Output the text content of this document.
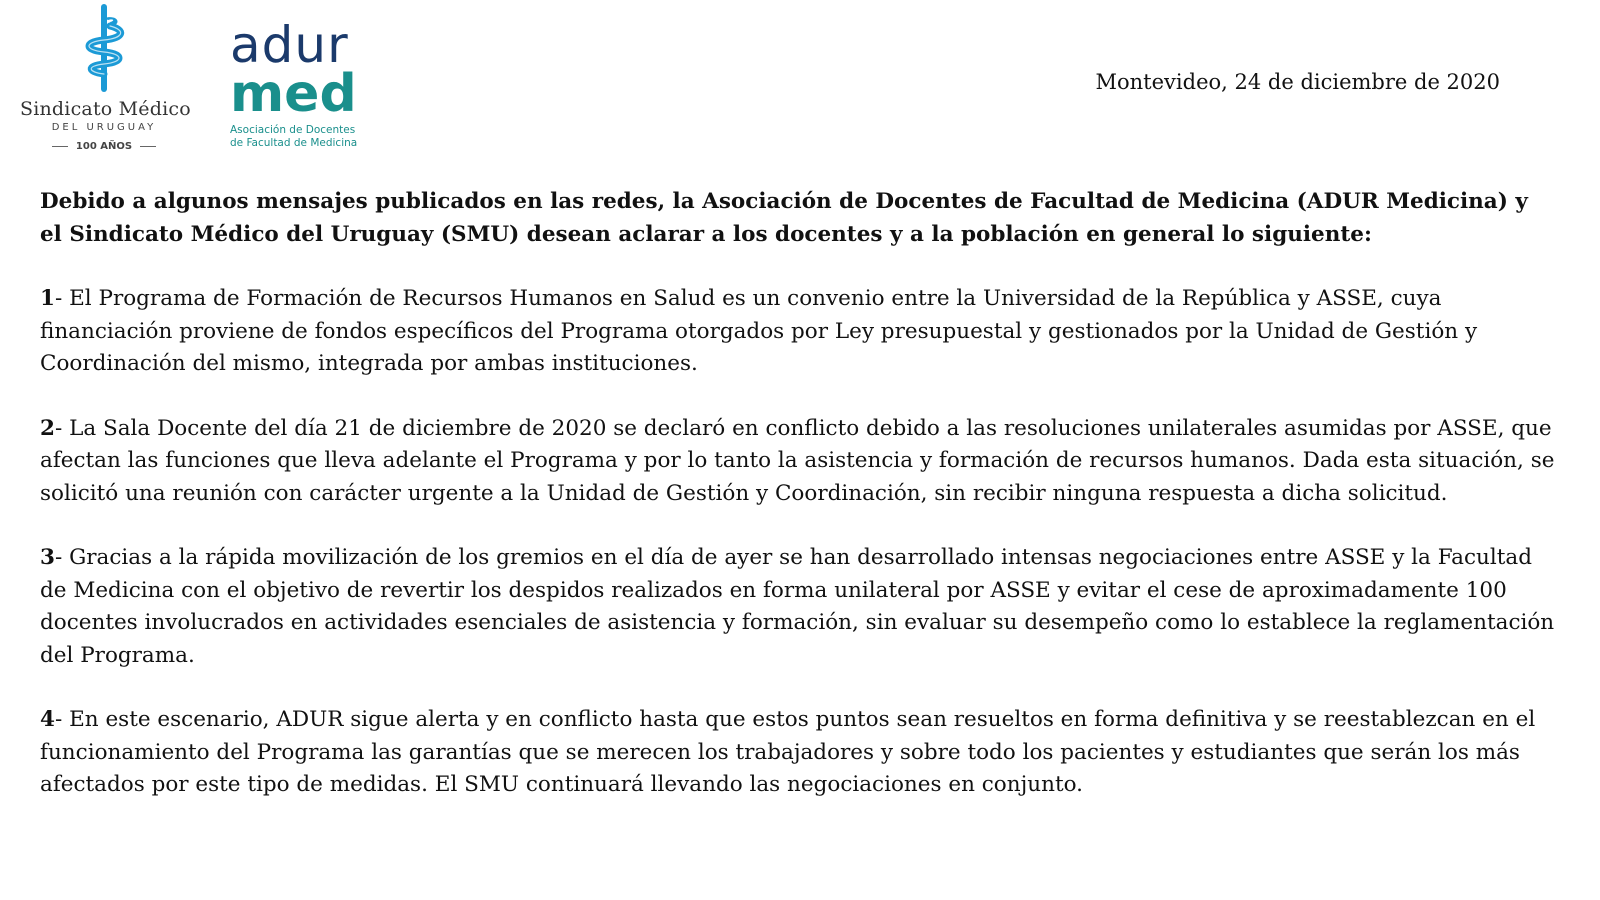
Sindicato Médico
DEL URUGUAY
100 AÑOS
adur
med
Asociación de Docentes
de Facultad de Medicina
Montevideo, 24 de diciembre de 2020

Debido a algunos mensajes publicados en las redes, la Asociación de Docentes de Facultad de Medicina (ADUR Medicina) y el Sindicato Médico del Uruguay (SMU) desean aclarar a los docentes y a la población en general lo siguiente:

1- El Programa de Formación de Recursos Humanos en Salud es un convenio entre la Universidad de la República y ASSE, cuya financiación proviene de fondos específicos del Programa otorgados por Ley presupuestal y gestionados por la Unidad de Gestión y Coordinación del mismo, integrada por ambas instituciones.

2- La Sala Docente del día 21 de diciembre de 2020 se declaró en conflicto debido a las resoluciones unilaterales asumidas por ASSE, que afectan las funciones que lleva adelante el Programa y por lo tanto la asistencia y formación de recursos humanos. Dada esta situación, se solicitó una reunión con carácter urgente a la Unidad de Gestión y Coordinación, sin recibir ninguna respuesta a dicha solicitud.

3- Gracias a la rápida movilización de los gremios en el día de ayer se han desarrollado intensas negociaciones entre ASSE y la Facultad de Medicina con el objetivo de revertir los despidos realizados en forma unilateral por ASSE y evitar el cese de aproximadamente 100 docentes involucrados en actividades esenciales de asistencia y formación, sin evaluar su desempeño como lo establece la reglamentación del Programa.

4- En este escenario, ADUR sigue alerta y en conflicto hasta que estos puntos sean resueltos en forma definitiva y se reestablezcan en el funcionamiento del Programa las garantías que se merecen los trabajadores y sobre todo los pacientes y estudiantes que serán los más afectados por este tipo de medidas. El SMU continuará llevando las negociaciones en conjunto.
